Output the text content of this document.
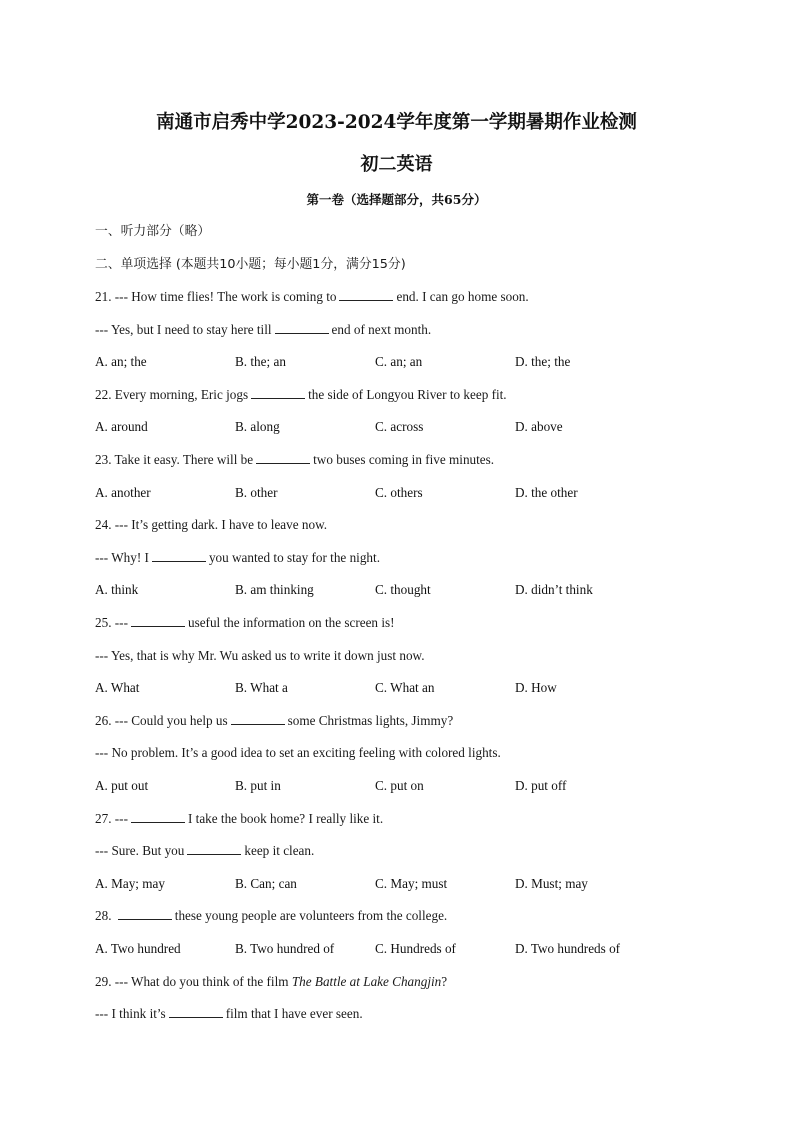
南通市启秀中学2023-2024学年度第一学期暑期作业检测
初二英语
第一卷（选择题部分，共65分）
一、听力部分（略）
二、单项选择 (本题共10小题；每小题1分，满分15分)
21. --- How time flies! The work is coming to	end. I can go home soon.
--- Yes, but I need to stay here till	end of next month.
A. an; the	B. the; an	C. an; an	D. the; the
22. Every morning, Eric jogs	the side of Longyou River to keep fit.
A. around	B. along	C. across	D. above
23. Take it easy. There will be	two buses coming in five minutes.
A. another	B. other	C. others	D. the other
24. --- It’s getting dark. I have to leave now.
--- Why! I	you wanted to stay for the night.
A. think	B. am thinking	C. thought	D. didn’t think
25. ---	useful the information on the screen is!
--- Yes, that is why Mr. Wu asked us to write it down just now.
A. What	B. What a	C. What an	D. How
26. --- Could you help us	some Christmas lights, Jimmy?
--- No problem. It’s a good idea to set an exciting feeling with colored lights.
A. put out	B. put in	C. put on	D. put off
27. ---	I take the book home? I really like it.
--- Sure. But you	keep it clean.
A. May; may	B. Can; can	C. May; must	D. Must; may
28.	these young people are volunteers from the college.
A. Two hundred	B. Two hundred of	C. Hundreds of	D. Two hundreds of
29. --- What do you think of the film The Battle at Lake Changjin?
--- I think it’s	film that I have ever seen.
